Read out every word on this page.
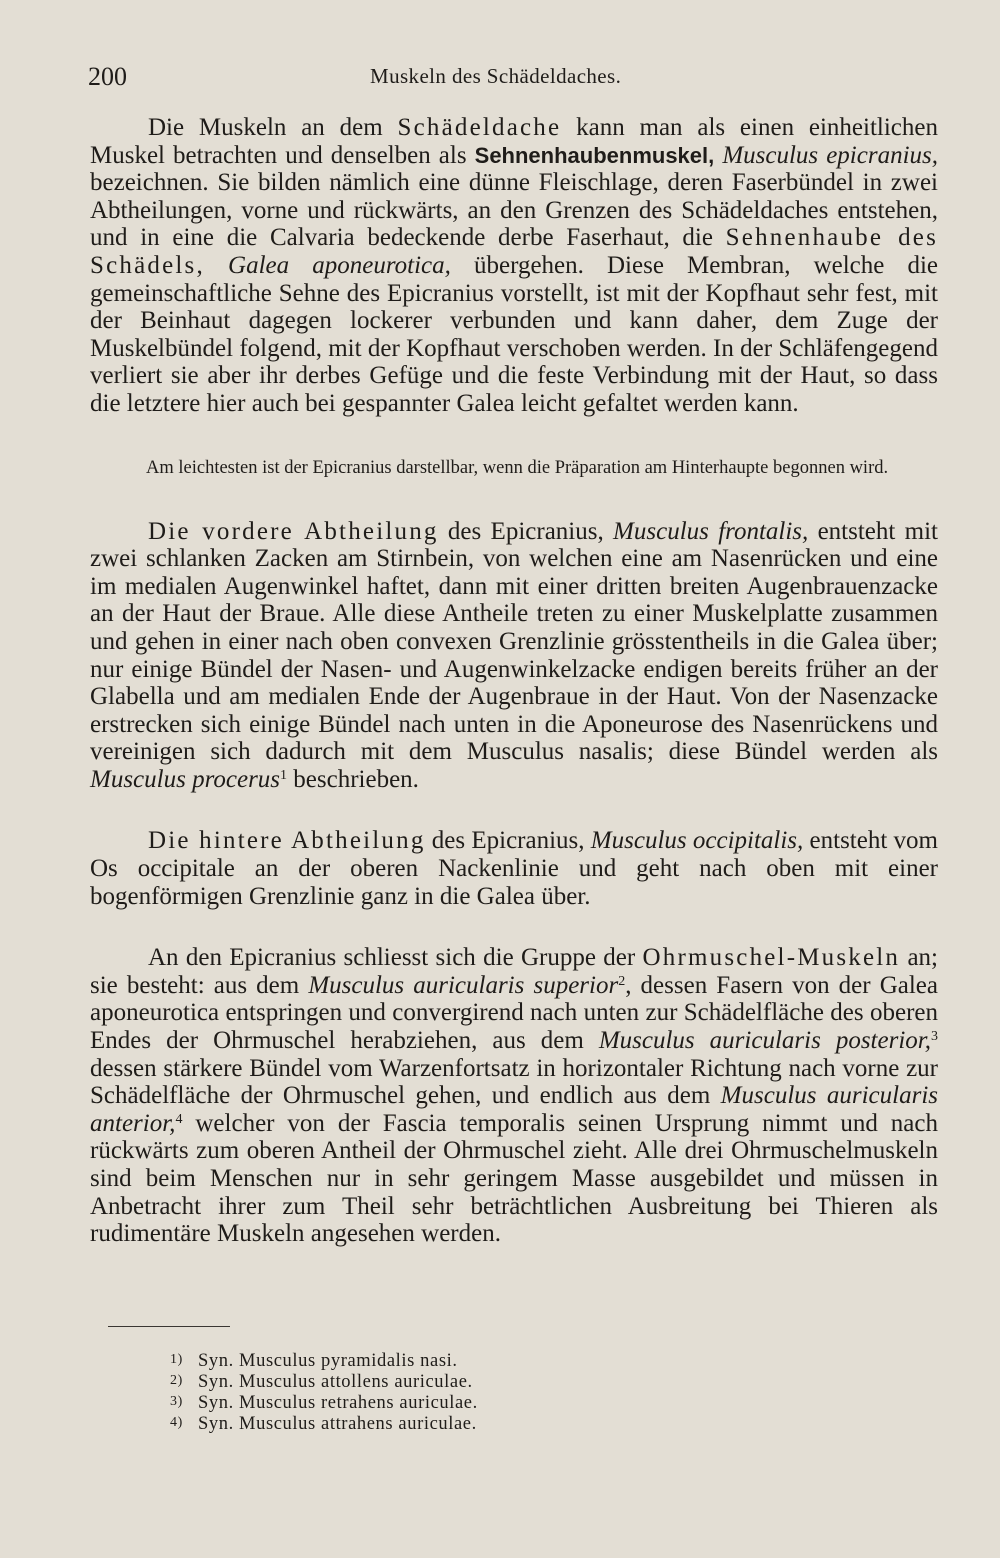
200	Muskeln des Schädeldaches.

Die Muskeln an dem Schädeldache kann man als einen einheitlichen Muskel betrachten und denselben als Sehnenhaubenmuskel, Musculus epicranius, bezeichnen. Sie bilden nämlich eine dünne Fleischlage, deren Faserbündel in zwei Abtheilungen, vorne und rückwärts, an den Grenzen des Schädeldaches entstehen, und in eine die Calvaria bedeckende derbe Faserhaut, die Sehnenhaube des Schädels, Galea aponeurotica, übergehen. Diese Membran, welche die gemeinschaftliche Sehne des Epicranius vorstellt, ist mit der Kopfhaut sehr fest, mit der Beinhaut dagegen lockerer verbunden und kann daher, dem Zuge der Muskelbündel folgend, mit der Kopfhaut verschoben werden. In der Schläfengegend verliert sie aber ihr derbes Gefüge und die feste Verbindung mit der Haut, so dass die letztere hier auch bei gespannter Galea leicht gefaltet werden kann.

Am leichtesten ist der Epicranius darstellbar, wenn die Präparation am Hinterhaupte begonnen wird.

Die vordere Abtheilung des Epicranius, Musculus frontalis, entsteht mit zwei schlanken Zacken am Stirnbein, von welchen eine am Nasenrücken und eine im medialen Augenwinkel haftet, dann mit einer dritten breiten Augenbrauenzacke an der Haut der Braue. Alle diese Antheile treten zu einer Muskelplatte zusammen und gehen in einer nach oben convexen Grenzlinie grösstentheils in die Galea über; nur einige Bündel der Nasen- und Augenwinkelzacke endigen bereits früher an der Glabella und am medialen Ende der Augenbraue in der Haut. Von der Nasenzacke erstrecken sich einige Bündel nach unten in die Aponeurose des Nasenrückens und vereinigen sich dadurch mit dem Musculus nasalis; diese Bündel werden als Musculus procerus$^1$ beschrieben.

Die hintere Abtheilung des Epicranius, Musculus occipitalis, entsteht vom Os occipitale an der oberen Nackenlinie und geht nach oben mit einer bogenförmigen Grenzlinie ganz in die Galea über.

An den Epicranius schliesst sich die Gruppe der Ohrmuschel-Muskeln an; sie besteht: aus dem Musculus auricularis superior$^2$, dessen Fasern von der Galea aponeurotica entspringen und convergirend nach unten zur Schädelfläche des oberen Endes der Ohrmuschel herabziehen, aus dem Musculus auricularis posterior,$^3$ dessen stärkere Bündel vom Warzenfortsatz in horizontaler Richtung nach vorne zur Schädelfläche der Ohrmuschel gehen, und endlich aus dem Musculus auricularis anterior,$^4$ welcher von der Fascia temporalis seinen Ursprung nimmt und nach rückwärts zum oberen Antheil der Ohrmuschel zieht. Alle drei Ohrmuschelmuskeln sind beim Menschen nur in sehr geringem Masse ausgebildet und müssen in Anbetracht ihrer zum Theil sehr beträchtlichen Ausbreitung bei Thieren als rudimentäre Muskeln angesehen werden.

1) Syn. Musculus pyramidalis nasi.

2) Syn. Musculus attollens auriculae.

3) Syn. Musculus retrahens auriculae.

4) Syn. Musculus attrahens auriculae.
